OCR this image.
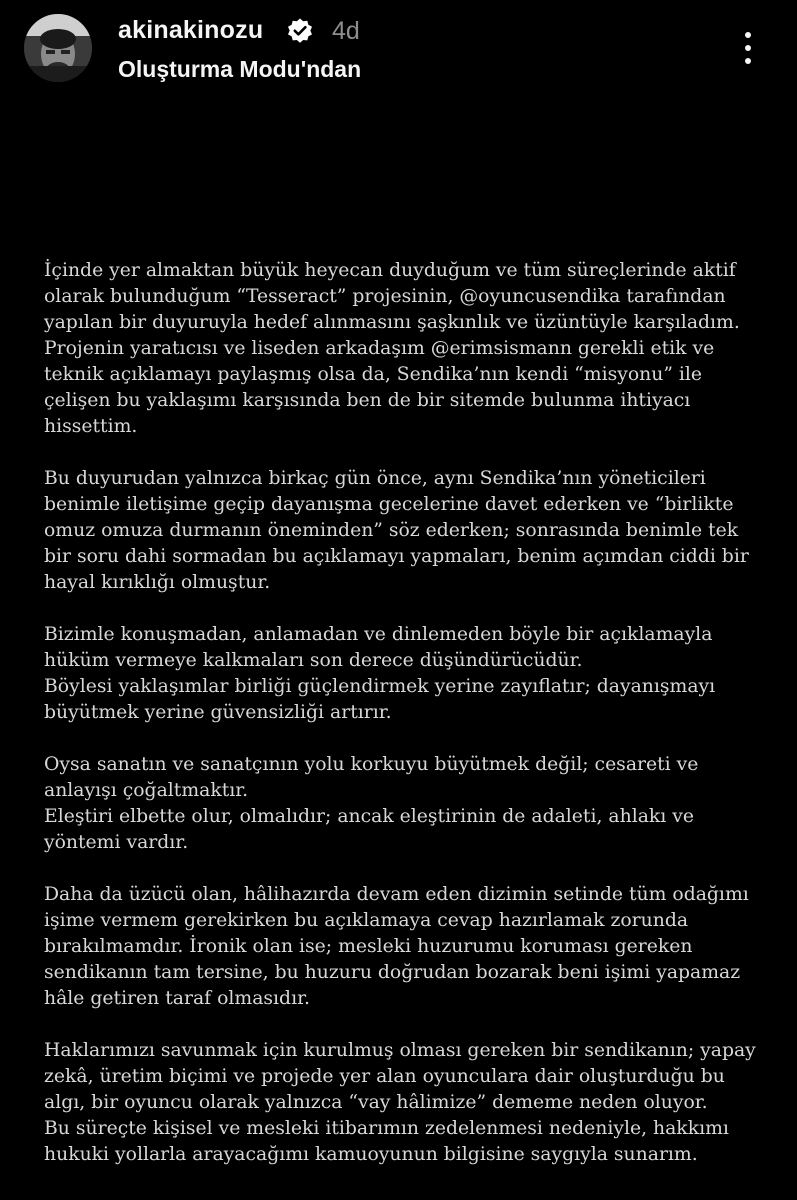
akinakinozu	4d
Oluşturma Modu'ndan
İçinde yer almaktan büyük heyecan duyduğum ve tüm süreçlerinde aktif
olarak bulunduğum “Tesseract” projesinin, @oyuncusendika tarafından
yapılan bir duyuruyla hedef alınmasını şaşkınlık ve üzüntüyle karşıladım.
Projenin yaratıcısı ve liseden arkadaşım @erimsismann gerekli etik ve
teknik açıklamayı paylaşmış olsa da, Sendika’nın kendi “misyonu” ile
çelişen bu yaklaşımı karşısında ben de bir sitemde bulunma ihtiyacı
hissettim.
Bu duyurudan yalnızca birkaç gün önce, aynı Sendika’nın yöneticileri
benimle iletişime geçip dayanışma gecelerine davet ederken ve “birlikte
omuz omuza durmanın öneminden” söz ederken; sonrasında benimle tek
bir soru dahi sormadan bu açıklamayı yapmaları, benim açımdan ciddi bir
hayal kırıklığı olmuştur.
Bizimle konuşmadan, anlamadan ve dinlemeden böyle bir açıklamayla
hüküm vermeye kalkmaları son derece düşündürücüdür.
Böylesi yaklaşımlar birliği güçlendirmek yerine zayıflatır; dayanışmayı
büyütmek yerine güvensizliği artırır.
Oysa sanatın ve sanatçının yolu korkuyu büyütmek değil; cesareti ve
anlayışı çoğaltmaktır.
Eleştiri elbette olur, olmalıdır; ancak eleştirinin de adaleti, ahlakı ve
yöntemi vardır.
Daha da üzücü olan, hâlihazırda devam eden dizimin setinde tüm odağımı
işime vermem gerekirken bu açıklamaya cevap hazırlamak zorunda
bırakılmamdır. İronik olan ise; mesleki huzurumu koruması gereken
sendikanın tam tersine, bu huzuru doğrudan bozarak beni işimi yapamaz
hâle getiren taraf olmasıdır.
Haklarımızı savunmak için kurulmuş olması gereken bir sendikanın; yapay
zekâ, üretim biçimi ve projede yer alan oyunculara dair oluşturduğu bu
algı, bir oyuncu olarak yalnızca “vay hâlimize” dememe neden oluyor.
Bu süreçte kişisel ve mesleki itibarımın zedelenmesi nedeniyle, hakkımı
hukuki yollarla arayacağımı kamuoyunun bilgisine saygıyla sunarım.
